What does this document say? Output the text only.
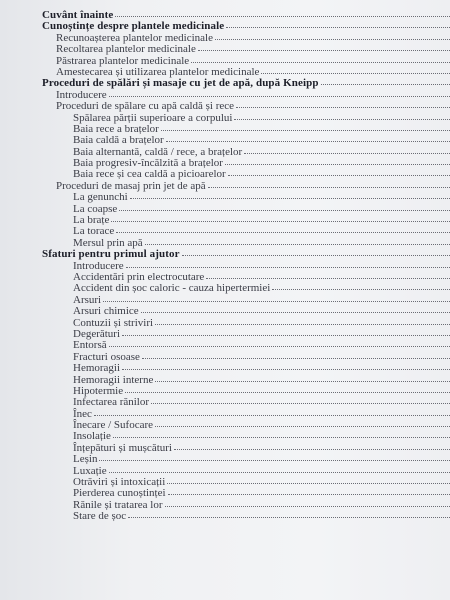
Cuvânt înainte
Cunoștințe despre plantele medicinale
Recunoașterea plantelor medicinale
Recoltarea plantelor medicinale
Păstrarea plantelor medicinale
Amestecarea și utilizarea plantelor medicinale
Proceduri de spălări și masaje cu jet de apă, după Kneipp
Introducere
Proceduri de spălare cu apă caldă și rece
Spălarea părții superioare a corpului
Baia rece a brațelor
Baia caldă a brațelor
Baia alternantă, caldă / rece, a brațelor
Baia progresiv-încălzită a brațelor
Baia rece și cea caldă a picioarelor
Proceduri de masaj prin jet de apă
La genunchi
La coapse
La brațe
La torace
Mersul prin apă
Sfaturi pentru primul ajutor
Introducere
Accidentări prin electrocutare
Accident din șoc caloric - cauza hipertermiei
Arsuri
Arsuri chimice
Contuzii și striviri
Degerături
Entorsă
Fracturi osoase
Hemoragii
Hemoragii interne
Hipotermie
Infectarea rănilor
Înec
Înecare / Sufocare
Insolație
Înțepături și mușcături
Leșin
Luxație
Otrăviri și intoxicații
Pierderea cunoștinței
Rănile și tratarea lor
Stare de șoc
